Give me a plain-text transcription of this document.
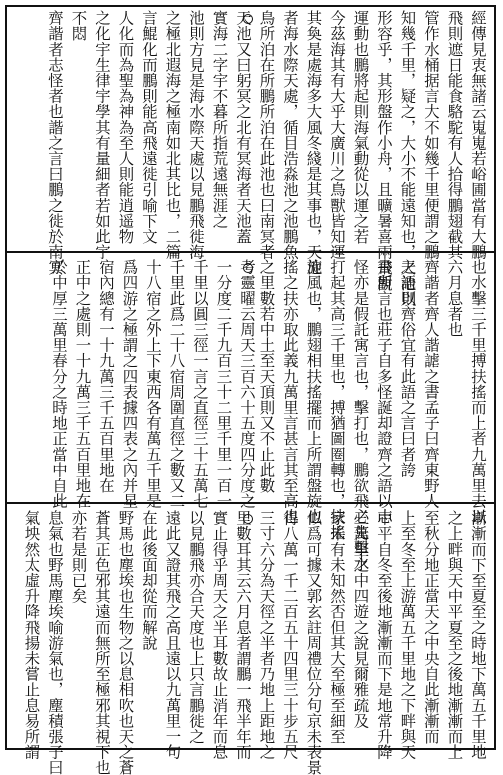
經傳見衷無諸云嵬嵬若峪圃當有大鵬
飛則遮日能食駱駝有人拾得鵬翅截其
管作水桶据言大不如幾千里便謂之鵬
知幾千里，疑之，大小不能遠知也，天池以
形容乎，其形盤作小舟，且曠暑喜兩飛觀
運動也鵬將起則海氣動從以運之若
今茲海其有大乎大廣川之鳥獸皆知運
其奐是處海多大風冬綫是其事也，天池
者海水際天處，循目浩淼池之池鵬魚
鳥所泊在所鵬所泊在此池也曰南冥者
天池又曰躬冥之北有冥海者天池蓋
實海二字宇不暮所指荒遠無涯之
池則方見是海水際天處以見鵬飛徙海
之極北遐海之極南如北其比也，二篇
言鯤化而鵬則能高飛遠徙引喻下文
人化而為聖為神為至人則能逍遥物
之化宇生律宇學其有量細者若如此宇
不悶
齊諧者志怪者也諧之言曰鵬之徙於南冥
也水擊三千里搏扶搖而上者九萬里去以
六月息者也
齊諧者齊人諧謔之書孟子曰齊東野人
之語則齊俗宜有此語之言曰者誇
書所言也莊子自多怪誕却證齊之語以志
怪亦是假託寓言也，擊打也，鵬欲飛必先擊水
打起其高三千里也，搏猶圖圈轉也，扶搖
旋風也，鵬翅相扶搖擺而上所謂盤旋也
搖之扶亦取此義九萬里言甚言其至高也
之里數若中土至天頂則又不止此數
考靈曜云周天三百六十五度四分度之
一分度二千九百三十二里千里一百一
千里以圓三徑一言之直徑三十五萬七
千里此爲二十八宿周圍直徑之數又二
十八宿之外上下東西各有萬五千里是
爲四游之極謂之四表據四表之內并星
宿內總有一十九萬三千五百里地在
正中之處則一十九萬三千五百里地在
於中厚三萬里春分之時地正當中自此
漸漸而下至夏至之時地下萬五千里地
之上畔與天中平夏至之後地漸漸而上
至秋分地正當天之中央自此漸漸而
上至冬至上游萬五千里地之下畔與天
中平自冬至後地漸漸而下是地常升降
三萬里之中四遊之說見爾雅疏及
家未有未知然否但其大至極至細至
似爲可據又郭玄註周禮位分句京未表景
得八萬一千二百五十四里三十步五尺
三寸六分為天徑之半者乃地上距地之
里數耳其云六月息者謂鵬一飛半年而
實止得乎周天之半耳數故止消年而息
以見鵬飛亦合天度也上只言鵬徙之
遠此又證其飛之高且遠以九萬里一句
在此後面却從而解說
野馬也塵埃也生物之以息相吹也天之蒼
蒼其正色邪其遠而無所至極邪其視下也
亦若是則已矣
息氣也野馬塵埃喻游氣也，塵積張子曰
氣坱然太虛升降飛揚未嘗止息易所謂
